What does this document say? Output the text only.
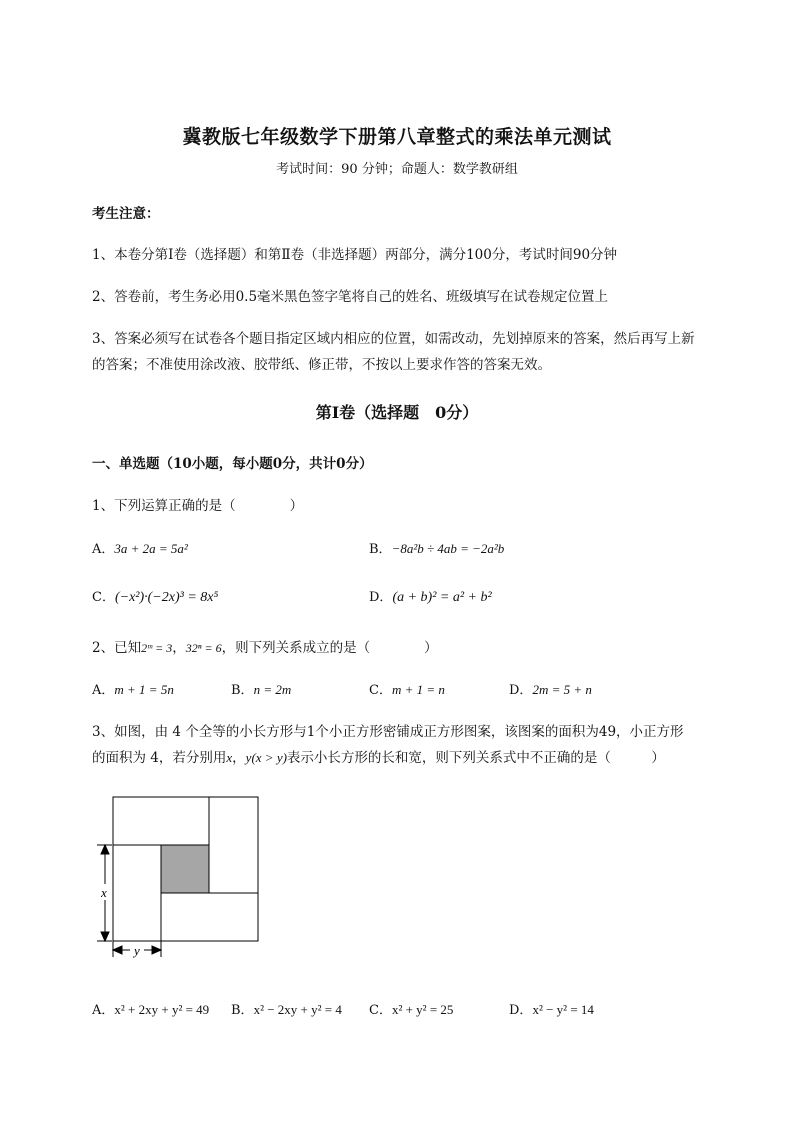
冀教版七年级数学下册第八章整式的乘法单元测试
考试时间：90 分钟；命题人：数学教研组
考生注意：
1、本卷分第Ⅰ卷（选择题）和第Ⅱ卷（非选择题）两部分，满分100分，考试时间90分钟
2、答卷前，考生务必用0.5毫米黑色签字笔将自己的姓名、班级填写在试卷规定位置上
3、答案必须写在试卷各个题目指定区域内相应的位置，如需改动，先划掉原来的答案，然后再写上新
的答案；不准使用涂改液、胶带纸、修正带，不按以上要求作答的答案无效。
第Ⅰ卷（选择题　0分）
一、单选题（10小题，每小题0分，共计0分）
1、下列运算正确的是（　　　　）
A．3a + 2a = 5a²	B．−8a²b ÷ 4ab = −2a²b
C．(−x²)·(−2x)³ = 8x⁵	D．(a + b)² = a² + b²
2、已知2ᵐ = 3，32ⁿ = 6，则下列关系成立的是（　　　　）
A．m + 1 = 5n	B．n = 2m	C．m + 1 = n	D．2m = 5 + n
3、如图，由 4 个全等的小长方形与1个小正方形密铺成正方形图案，该图案的面积为49，小正方形
的面积为 4，若分别用x，y(x > y)表示小长方形的长和宽，则下列关系式中不正确的是（　　　）
x
y
A．x² + 2xy + y² = 49 B．x² − 2xy + y² = 4 C．x² + y² = 25	D．x² − y² = 14
